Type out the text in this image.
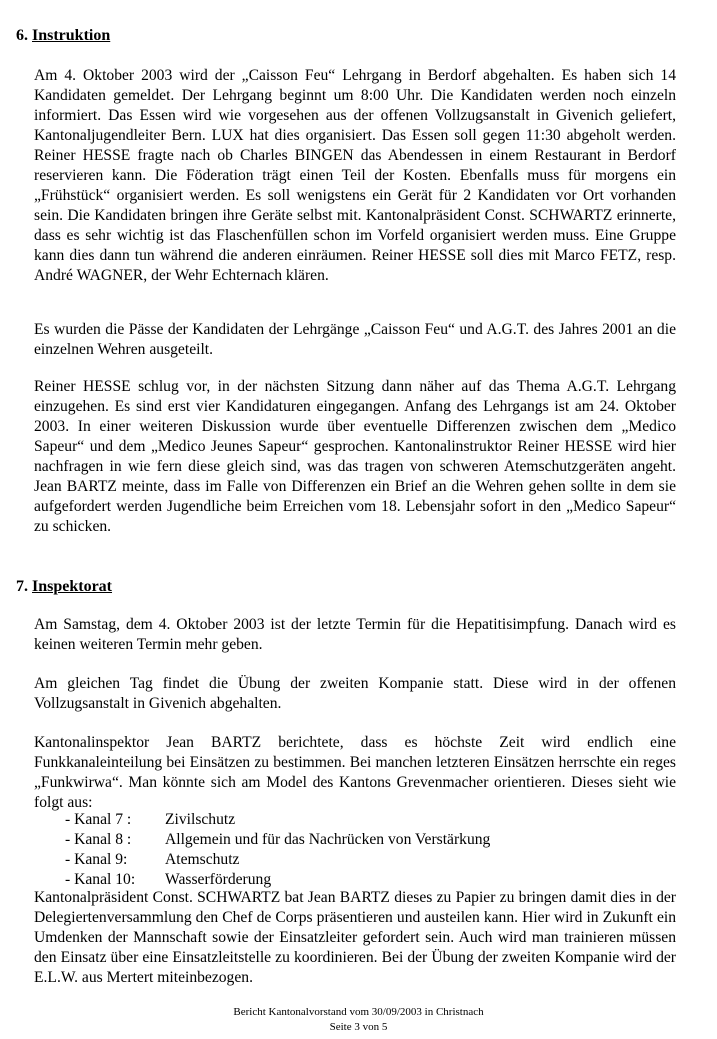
6. Instruktion

Am 4. Oktober 2003 wird der „Caisson Feu“ Lehrgang in Berdorf abgehalten. Es haben sich 14 Kandidaten gemeldet. Der Lehrgang beginnt um 8:00 Uhr. Die Kandidaten werden noch einzeln informiert. Das Essen wird wie vorgesehen aus der offenen Vollzugsanstalt in Givenich geliefert, Kantonaljugendleiter Bern. LUX hat dies organisiert. Das Essen soll gegen 11:30 abgeholt werden. Reiner HESSE fragte nach ob Charles BINGEN das Abendessen in einem Restaurant in Berdorf reservieren kann. Die Föderation trägt einen Teil der Kosten. Ebenfalls muss für morgens ein „Frühstück“ organisiert werden. Es soll wenigstens ein Gerät für 2 Kandidaten vor Ort vorhanden sein. Die Kandidaten bringen ihre Geräte selbst mit. Kantonalpräsident Const. SCHWARTZ erinnerte, dass es sehr wichtig ist das Flaschenfüllen schon im Vorfeld organisiert werden muss. Eine Gruppe kann dies dann tun während die anderen einräumen. Reiner HESSE soll dies mit Marco FETZ, resp. André WAGNER, der Wehr Echternach klären.

Es wurden die Pässe der Kandidaten der Lehrgänge „Caisson Feu“ und A.G.T. des Jahres 2001 an die einzelnen Wehren ausgeteilt.

Reiner HESSE schlug vor, in der nächsten Sitzung dann näher auf das Thema A.G.T. Lehrgang einzugehen. Es sind erst vier Kandidaturen eingegangen. Anfang des Lehrgangs ist am 24. Oktober 2003. In einer weiteren Diskussion wurde über eventuelle Differenzen zwischen dem „Medico Sapeur“ und dem „Medico Jeunes Sapeur“ gesprochen. Kantonalinstruktor Reiner HESSE wird hier nachfragen in wie fern diese gleich sind, was das tragen von schweren Atemschutzgeräten angeht. Jean BARTZ meinte, dass im Falle von Differenzen ein Brief an die Wehren gehen sollte in dem sie aufgefordert werden Jugendliche beim Erreichen vom 18. Lebensjahr sofort in den „Medico Sapeur“ zu schicken.

7. Inspektorat

Am Samstag, dem 4. Oktober 2003 ist der letzte Termin für die Hepatitisimpfung. Danach wird es keinen weiteren Termin mehr geben.

Am gleichen Tag findet die Übung der zweiten Kompanie statt. Diese wird in der offenen Vollzugsanstalt in Givenich abgehalten.

Kantonalinspektor Jean BARTZ berichtete, dass es höchste Zeit wird endlich eine Funkkanaleinteilung bei Einsätzen zu bestimmen. Bei manchen letzteren Einsätzen herrschte ein reges „Funkwirwa“. Man könnte sich am Model des Kantons Grevenmacher orientieren. Dieses sieht wie folgt aus:

- Kanal 7 :	Zivilschutz
- Kanal 8 :	Allgemein und für das Nachrücken von Verstärkung
- Kanal 9:	Atemschutz
- Kanal 10:	Wasserförderung

Kantonalpräsident Const. SCHWARTZ bat Jean BARTZ dieses zu Papier zu bringen damit dies in der Delegiertenversammlung den Chef de Corps präsentieren und austeilen kann. Hier wird in Zukunft ein Umdenken der Mannschaft sowie der Einsatzleiter gefordert sein. Auch wird man trainieren müssen den Einsatz über eine Einsatzleitstelle zu koordinieren. Bei der Übung der zweiten Kompanie wird der E.L.W. aus Mertert miteinbezogen.

Bericht Kantonalvorstand vom 30/09/2003 in Christnach
Seite 3 von 5
